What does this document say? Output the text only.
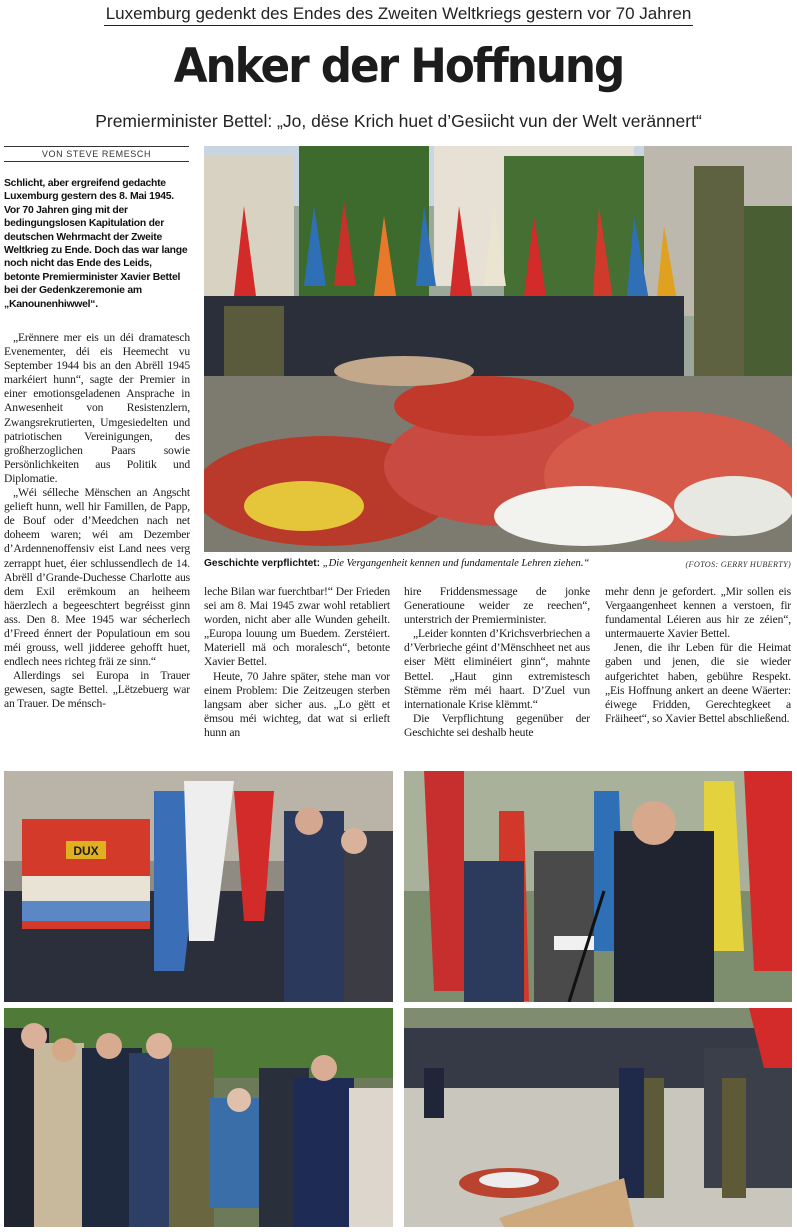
Luxemburg gedenkt des Endes des Zweiten Weltkriegs gestern vor 70 Jahren
Anker der Hoffnung
Premierminister Bettel: „Jo, dëse Krich huet d’Gesiicht vun der Welt verännert“
VON STEVE REMESCH
Schlicht, aber ergreifend gedachte Luxemburg gestern des 8. Mai 1945. Vor 70 Jahren ging mit der bedingungslosen Kapitulation der deutschen Wehrmacht der Zweite Weltkrieg zu Ende. Doch das war lange noch nicht das Ende des Leids, betonte Premierminister Xavier Bettel bei der Gedenkzeremonie am „Kanounenhiwwel“.

„Erënnere mer eis un déi dramatesch Evenementer, déi eis Heemecht vu September 1944 bis an den Abrëll 1945 markéiert hunn“, sagte der Premier in einer emotionsgeladenen Ansprache in Anwesenheit von Resistenzlern, Zwangsrekrutierten, Umgesiedelten und patriotischen Vereinigungen, des großherzoglichen Paars sowie Persönlichkeiten aus Politik und Diplomatie.

„Wéi sélleche Mënschen an Angscht gelieft hunn, well hir Famillen, de Papp, de Bouf oder d’Meedchen nach net doheem waren; wéi am Dezember d’Ardennenoffensiv eist Land nees verg zerrappt huet, éier schlussendlech de 14. Abrëll d’Grande-Duchesse Charlotte aus dem Exil erëmkoum an heiheem häerzlech a begeeschtert begréisst ginn ass. Den 8. Mee 1945 war sécherlech d’Freed énnert der Populatioun em sou méi grouss, well jidderee gehofft huet, endlech nees richteg fräi ze sinn.“

Allerdings sei Europa in Trauer gewesen, sagte Bettel. „Lëtzebuerg war an Trauer. De ménsch-

Geschichte verpflichtet: „Die Vergangenheit kennen und fundamentale Lehren ziehen.“	(FOTOS: GERRY HUBERTY)

leche Bilan war fuerchtbar!“ Der Frieden sei am 8. Mai 1945 zwar wohl retabliert worden, nicht aber alle Wunden geheilt. „Europa louung um Buedem. Zerstéiert. Materiell mä och moralesch“, betonte Xavier Bettel.

Heute, 70 Jahre später, stehe man vor einem Problem: Die Zeitzeugen sterben langsam aber sicher aus. „Lo gëtt et ëmsou méi wichteg, dat wat si erlieft hunn an

hire Friddensmessage de jonke Generatioune weider ze reechen“, unterstrich der Premierminister.

„Leider konnten d’Krichsverbriechen a d’Verbrieche géint d’Mënschheet net aus eiser Mëtt eliminéiert ginn“, mahnte Bettel. „Haut ginn extremistesch Stëmme rëm méi haart. D’Zuel vun internationale Krise klëmmt.“

Die Verpflichtung gegenüber der Geschichte sei deshalb heute

mehr denn je gefordert. „Mir sollen eis Vergaangenheet kennen a verstoen, fir fundamental Léieren aus hir ze zéien“, untermauerte Xavier Bettel.

Jenen, die ihr Leben für die Heimat gaben und jenen, die sie wieder aufgerichtet haben, gebühre Respekt. „Eis Hoffnung ankert an deene Wäerter: éiwege Fridden, Gerechtegkeet a Fräiheet“, so Xavier Bettel abschließend.

DUX
